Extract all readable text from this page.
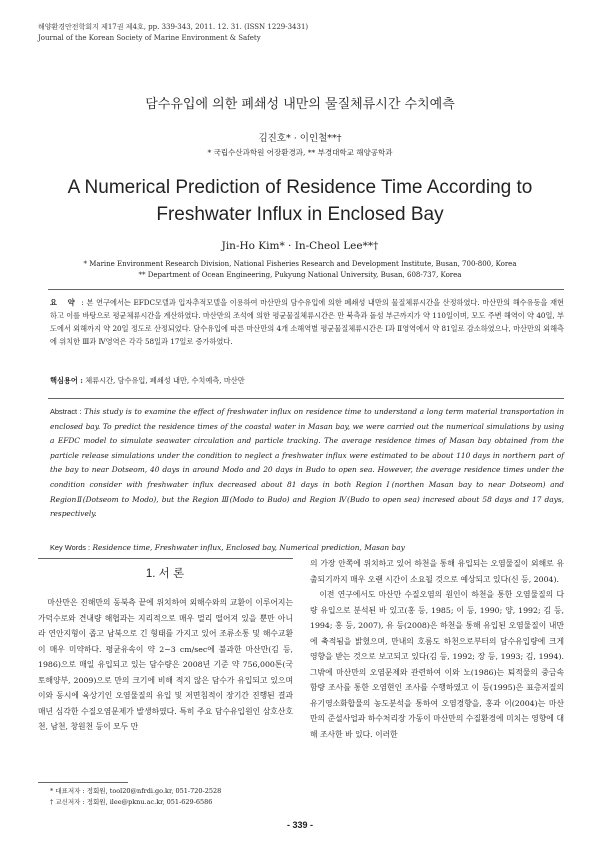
해양환경안전학회지 제17권 제4호, pp. 339-343, 2011. 12. 31. (ISSN 1229-3431)
Journal of the Korean Society of Marine Environment & Safety
담수유입에 의한 폐쇄성 내만의 물질체류시간 수치예측
김진호* · 이인철**†
* 국립수산과학원 어장환경과, ** 부경대학교 해양공학과
A Numerical Prediction of Residence Time According to Freshwater Influx in Enclosed Bay
Jin-Ho Kim* · In-Cheol Lee**†
* Marine Environment Research Division, National Fisheries Research and Development Institute, Busan, 700-800, Korea
** Department of Ocean Engineering, Pukyung National University, Busan, 608-737, Korea
요 약 : 본 연구에서는 EFDC모델과 입자추적모델을 이용하여 마산만의 담수유입에 의한 폐쇄성 내만의 물질체류시간을 산정하였다. 마산만의 해수유동을 재현하고 이를 바탕으로 평균체류시간을 계산하였다. 마산만의 조석에 의한 평균물질체류시간은 만 북측과 돝섬 부근까지가 약 110일이며, 모도 주변 해역이 약 40일, 부도에서 외해까지 약 20일 정도로 산정되었다. 담수유입에 따른 마산만의 4개 소해역별 평균물질체류시간은 Ⅰ과 Ⅱ영역에서 약 81일로 감소하였으나, 마산만의 외해측에 위치한 Ⅲ과 Ⅳ영역은 각각 58일과 17일로 증가하였다.
핵심용어 : 체류시간, 담수유입, 폐쇄성 내만, 수치예측, 마산만
Abstract : This study is to examine the effect of freshwater influx on residence time to understand a long term material transportation in enclosed bay. To predict the residence times of the coastal water in Masan bay, we were carried out the numerical simulations by using a EFDC model to simulate seawater circulation and particle tracking. The average residence times of Masan bay obtained from the particle release simulations under the condition to neglect a freshwater influx were estimated to be about 110 days in northern part of the bay to near Dotseom, 40 days in around Modo and 20 days in Budo to open sea. However, the average residence times under the condition consider with freshwater influx decreased about 81 days in both Region Ⅰ(northen Masan bay to near Dotseom) and RegionⅡ(Dotseom to Modo), but the Region Ⅲ(Modo to Budo) and Region Ⅳ(Budo to open sea) incresed about 58 days and 17 days, respectively.
Key Words : Residence time, Freshwater influx, Enclosed bay, Numerical prediction, Masan bay
1. 서 론

마산만은 진해만의 동북측 끝에 위치하여 외해수와의 교환이 이루어지는 가덕수로와 견내량 해협과는 지리적으로 매우 멀리 떨어져 있을 뿐만 아니라 연안지형이 좁고 남북으로 긴 형태를 가지고 있어 조류소통 및 해수교환이 매우 미약하다. 평균유속이 약 2∼3 cm/sec에 불과한 마산만(김 등, 1986)으로 매일 유입되고 있는 담수량은 2008년 기준 약 756,000톤(국토해양부, 2009)으로 만의 크기에 비해 적지 않은 담수가 유입되고 있으며 이와 동시에 육상기인 오염물질의 유입 및 저면침적이 장기간 진행된 결과 매년 심각한 수질오염문제가 발생하였다. 특히 주요 담수유입원인 삼호산호천, 남천, 창원천 등이 모두 만

의 가장 안쪽에 위치하고 있어 하천을 통해 유입되는 오염물질이 외해로 유출되기까지 매우 오랜 시간이 소요될 것으로 예상되고 있다(신 등, 2004).

이전 연구에서도 마산만 수질오염의 원인이 하천을 통한 오염물질의 다량 유입으로 분석된 바 있고(홍 등, 1985; 이 등, 1990; 양, 1992; 김 등, 1994; 홍 등, 2007), 유 등(2008)은 하천을 통해 유입된 오염물질이 내만에 축적됨을 밝혔으며, 만내의 호름도 하천으로부터의 담수유입량에 크게 영향을 받는 것으로 보고되고 있다(김 등, 1992; 장 등, 1993; 김, 1994). 그밖에 마산만의 오염문제와 관련하여 이와 노(1986)는 퇴적물의 중금속 함량 조사를 통한 오염현인 조사를 수행하였고 이 등(1995)은 표층저질의 유기영소화합물의 농도분석을 통하여 오염경향을, 홍과 이(2004)는 마산만의 준설사업과 하수처리장 가동이 마산만의 수질환경에 미치는 영향에 대해 조사한 바 있다. 이러한

* 대표저자 : 정회원, tool20@nfrdi.go.kr, 051-720-2528
† 교신저자 : 정회원, ilee@pknu.ac.kr, 051-629-6586
- 339 -
